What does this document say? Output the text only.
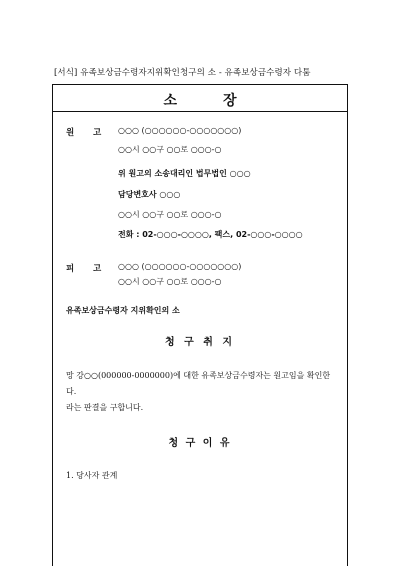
[서식] 유족보상금수령자지위확인청구의 소 - 유족보상금수령자 다툼
소	장
원 고 ○○○ (○○○○○○-○○○○○○○)
○○시 ○○구 ○○로 ○○○-○
위 원고의 소송대리인 법무법인 ○○○
담당변호사 ○○○
○○시 ○○구 ○○로 ○○○-○
전화 : 02-○○○-○○○○, 팩스, 02-○○○-○○○○
피 고 ○○○ (○○○○○○-○○○○○○○)
○○시 ○○구 ○○로 ○○○-○
유족보상금수령자 지위확인의 소
청 구 취 지
망 강○○(000000-0000000)에 대한 유족보상금수령자는 원고임을 확인한
다.
라는 판결을 구합니다.
청 구 이 유
1. 당사자 관계
